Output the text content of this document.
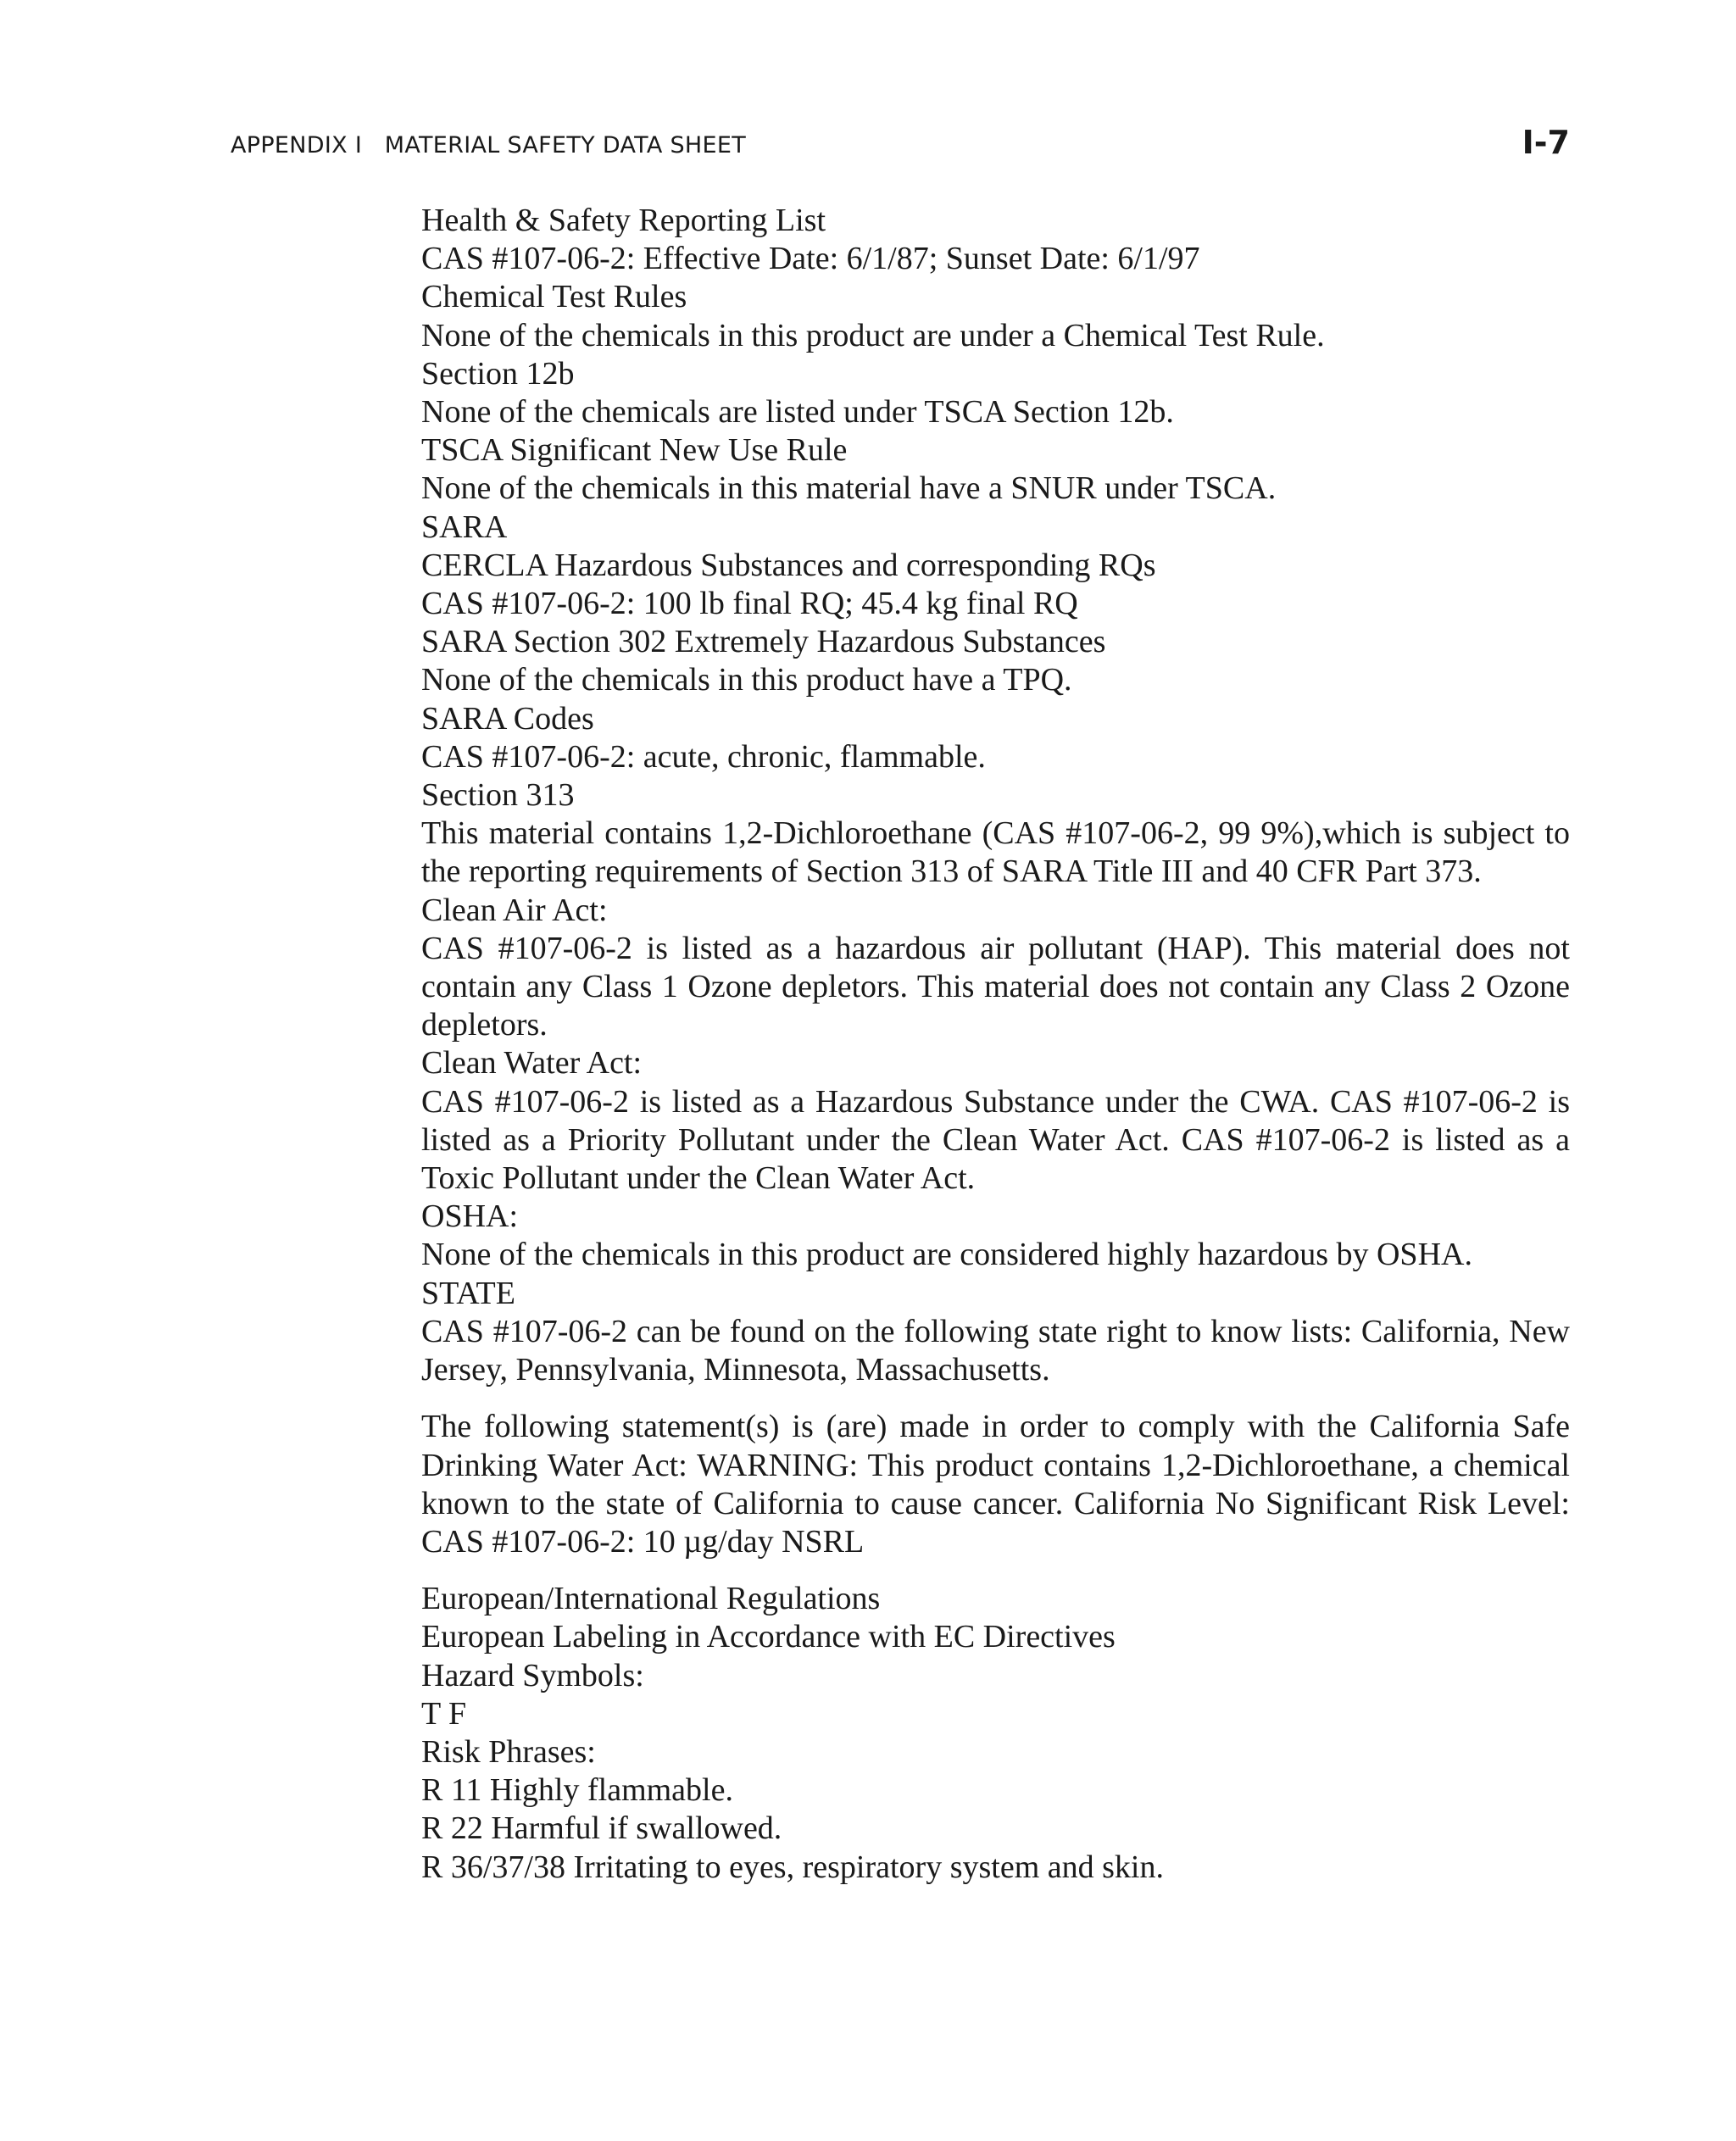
APPENDIX I   MATERIAL SAFETY DATA SHEET	I-7
Health & Safety Reporting List
CAS #107-06-2: Effective Date: 6/1/87; Sunset Date: 6/1/97
Chemical Test Rules
None of the chemicals in this product are under a Chemical Test Rule.
Section 12b
None of the chemicals are listed under TSCA Section 12b.
TSCA Significant New Use Rule
None of the chemicals in this material have a SNUR under TSCA.
SARA
CERCLA Hazardous Substances and corresponding RQs
CAS #107-06-2: 100 lb final RQ; 45.4 kg final RQ
SARA Section 302 Extremely Hazardous Substances
None of the chemicals in this product have a TPQ.
SARA Codes
CAS #107-06-2: acute, chronic, flammable.
Section 313
This material contains 1,2-Dichloroethane (CAS #107-06-2, 99 9%),which is subject to the reporting requirements of Section 313 of SARA Title III and 40 CFR Part 373.
Clean Air Act:
CAS #107-06-2 is listed as a hazardous air pollutant (HAP). This material does not contain any Class 1 Ozone depletors. This material does not contain any Class 2 Ozone depletors.
Clean Water Act:
CAS #107-06-2 is listed as a Hazardous Substance under the CWA. CAS #107-06-2 is listed as a Priority Pollutant under the Clean Water Act. CAS #107-06-2 is listed as a Toxic Pollutant under the Clean Water Act.
OSHA:
None of the chemicals in this product are considered highly hazardous by OSHA.
STATE
CAS #107-06-2 can be found on the following state right to know lists: California, New Jersey, Pennsylvania, Minnesota, Massachusetts.
The following statement(s) is (are) made in order to comply with the California Safe Drinking Water Act: WARNING: This product contains 1,2-Dichloroethane, a chemical known to the state of California to cause cancer. California No Significant Risk Level: CAS #107-06-2: 10 µg/day NSRL
European/International Regulations
European Labeling in Accordance with EC Directives
Hazard Symbols:
T F
Risk Phrases:
R 11 Highly flammable.
R 22 Harmful if swallowed.
R 36/37/38 Irritating to eyes, respiratory system and skin.
